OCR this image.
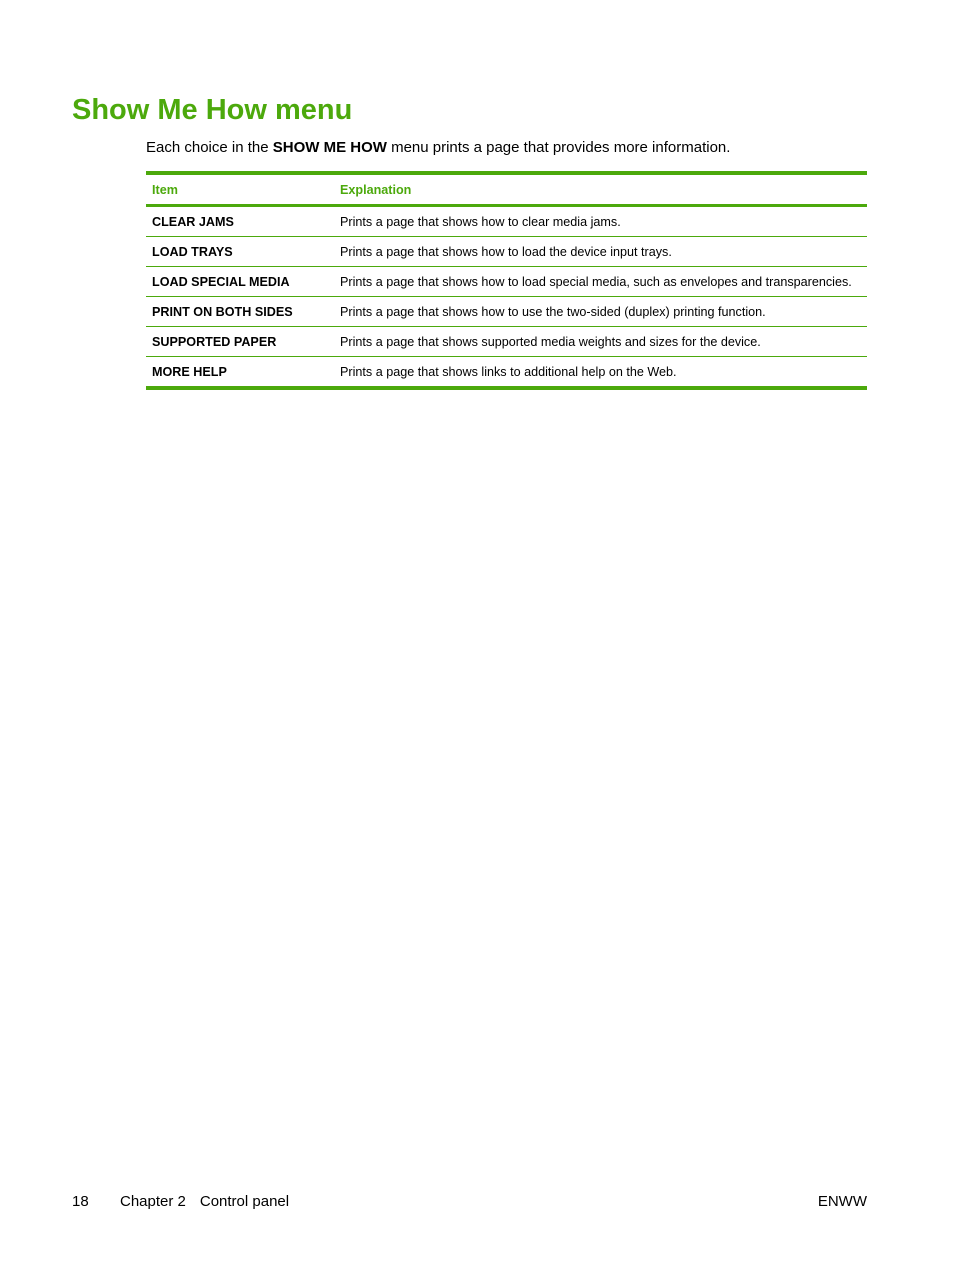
Show Me How menu

Each choice in the SHOW ME HOW menu prints a page that provides more information.

Item	Explanation
CLEAR JAMS	Prints a page that shows how to clear media jams.
LOAD TRAYS	Prints a page that shows how to load the device input trays.
LOAD SPECIAL MEDIA	Prints a page that shows how to load special media, such as envelopes and transparencies.
PRINT ON BOTH SIDES	Prints a page that shows how to use the two-sided (duplex) printing function.
SUPPORTED PAPER	Prints a page that shows supported media weights and sizes for the device.
MORE HELP	Prints a page that shows links to additional help on the Web.
18 Chapter 2 Control panel	ENWW
